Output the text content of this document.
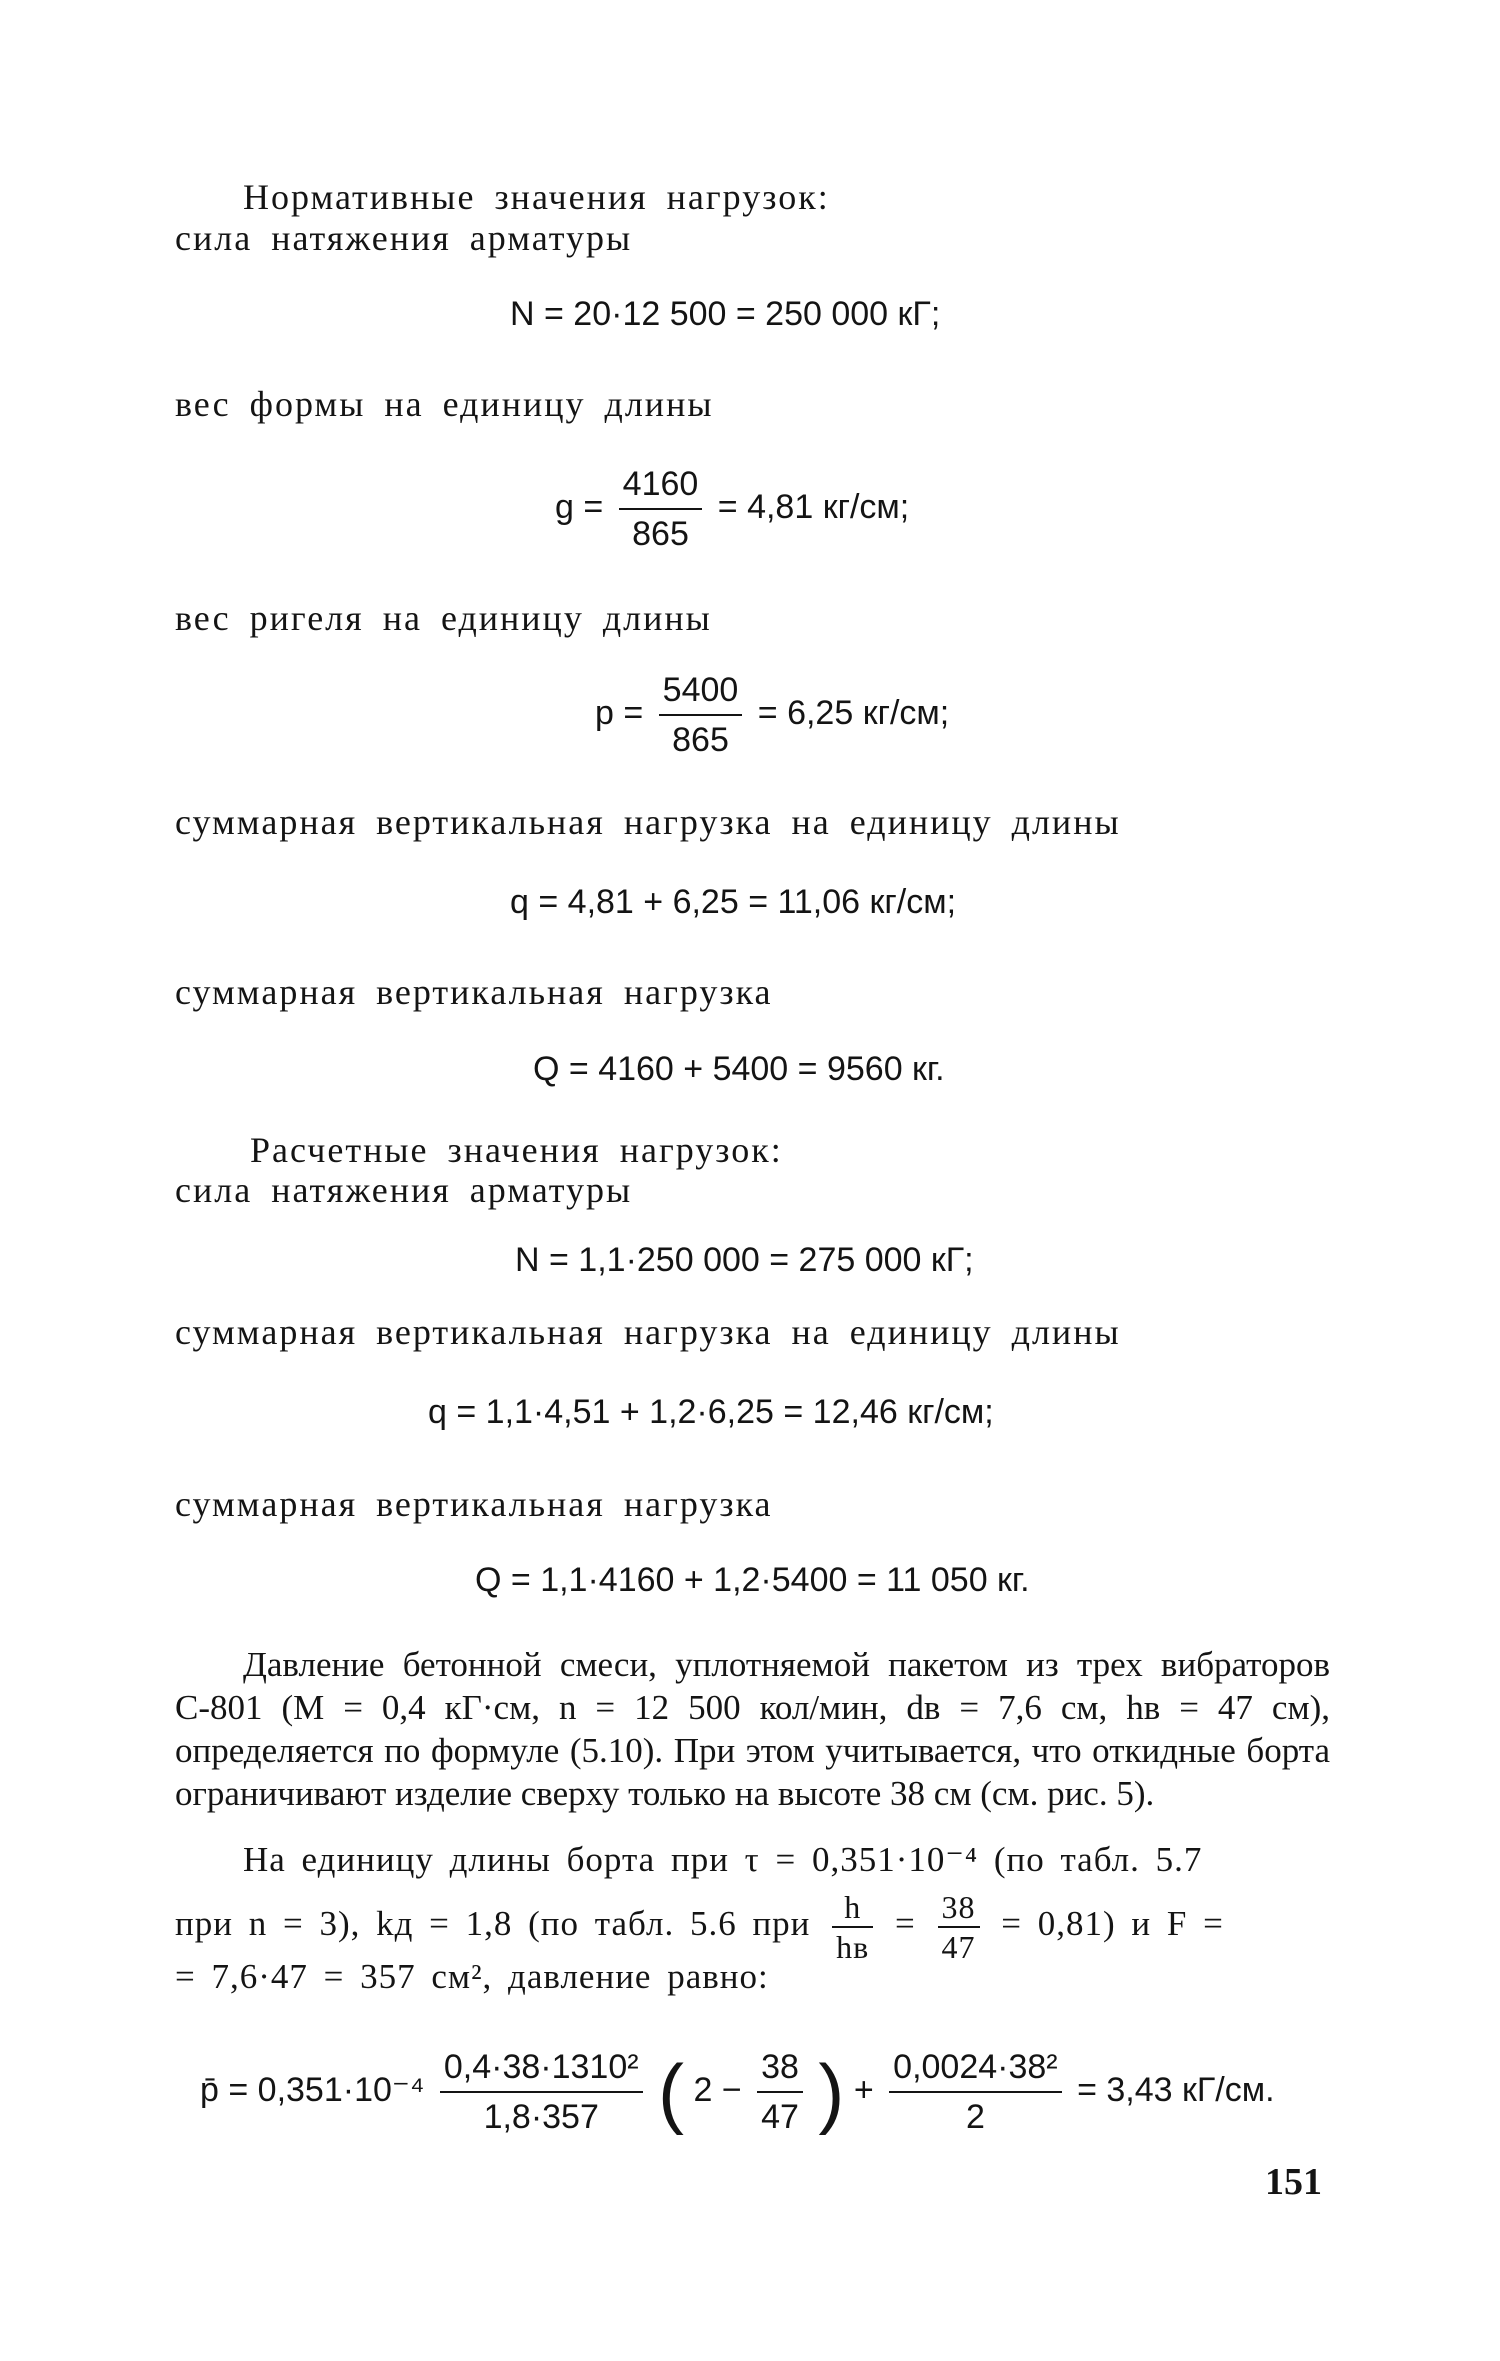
Нормативные значения нагрузок:
сила натяжения арматуры
N = 20·12 500 = 250 000 кГ;
вес формы на единицу длины
$g = \frac{4160}{865} = 4,81$ кг/см;
вес ригеля на единицу длины
$p = \frac{5400}{865} = 6,25$ кг/см;
суммарная вертикальная нагрузка на единицу длины
q = 4,81 + 6,25 = 11,06 кг/см;
суммарная вертикальная нагрузка
Q = 4160 + 5400 = 9560 кг.
Расчетные значения нагрузок:
сила натяжения арматуры
N = 1,1·250 000 = 275 000 кГ;
суммарная вертикальная нагрузка на единицу длины
q = 1,1·4,51 + 1,2·6,25 = 12,46 кг/см;
суммарная вертикальная нагрузка
Q = 1,1·4160 + 1,2·5400 = 11 050 кг.
Давление бетонной смеси, уплотняемой пакетом из трех вибраторов С-801 (M = 0,4 кГ·см, n = 12 500 кол/мин, dв = 7,6 см, hв = 47 см), определяется по формуле (5.10). При этом учитывается, что откидные борта ограничивают изделие сверху только на высоте 38 см (см. рис. 5).
На единицу длины борта при τ = 0,351·10⁻⁴ (по табл. 5.7
при n = 3), kд = 1,8 (по табл. 5.6 при $\frac{h}{hв} = \frac{38}{47} = 0,81$) и F =
= 7,6·47 = 357 см², давление равно:
p̄ = $0,351\cdot 10^{-4} \frac{\text{0,4·38·1310²}}{1,8\cdot 357}$ ( $2 - \frac{38}{47}$ ) + $\frac{\text{0,0024·38²}}{2} = 3,43$ кГ/см.
151
